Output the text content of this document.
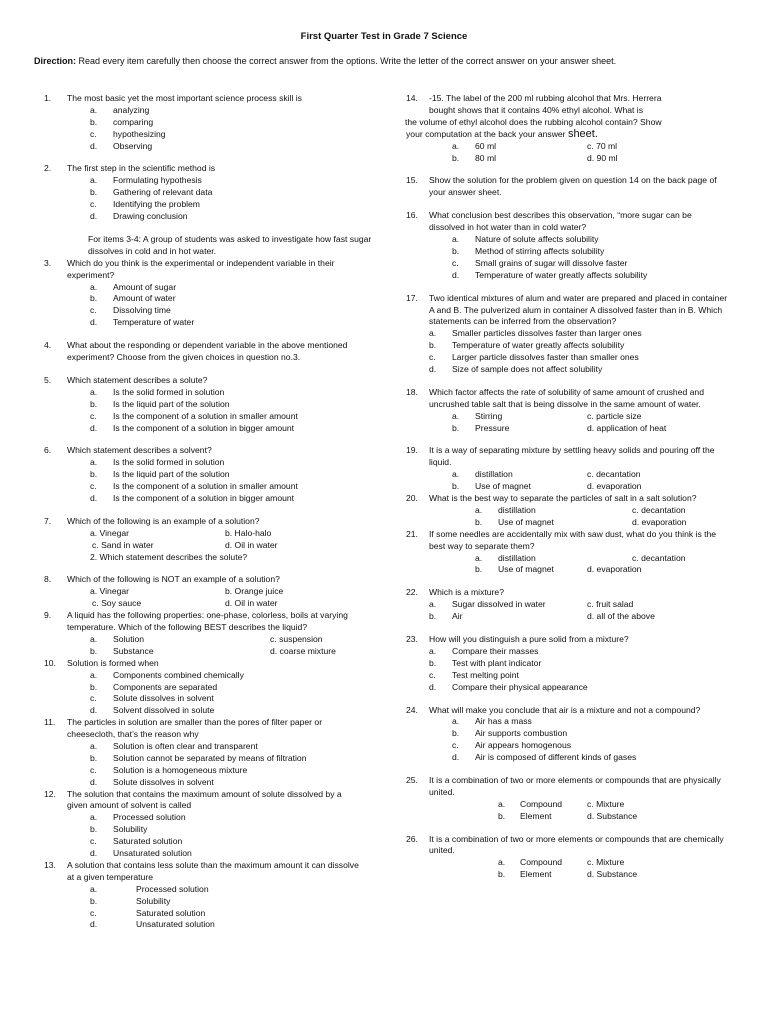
First Quarter Test in Grade 7 Science
Direction: Read every item carefully then choose the correct answer from the options. Write the letter of the correct answer on your answer sheet.
1.	The most basic yet the most important science process skill is
a. analyzing
b. comparing
c. hypothesizing
d. Observing
2.	The first step in the scientific method is
a. Formulating hypothesis
b. Gathering of relevant data
c. Identifying the problem
d. Drawing conclusion
For items 3-4: A group of students was asked to investigate how fast sugar dissolves in cold and in hot water.
3.	Which do you think is the experimental or independent variable in their experiment?
a. Amount of sugar
b. Amount of water
c. Dissolving time
d. Temperature of water
4.	What about the responding or dependent variable in the above mentioned experiment? Choose from the given choices in question no.3.
5.	Which statement describes a solute?
a. Is the solid formed in solution
b. Is the liquid part of the solution
c. Is the component of a solution in smaller amount
d. Is the component of a solution in bigger amount
6.	Which statement describes a solvent?
a. Is the solid formed in solution
b. Is the liquid part of the solution
c. Is the component of a solution in smaller amount
d. Is the component of a solution in bigger amount
7.	Which of the following is an example of a solution?
a. Vinegar	b. Halo-halo
c. Sand in water	d. Oil in water
2. Which statement describes the solute?
8.	Which of the following is NOT an example of a solution?
a. Vinegar	b. Orange juice
c. Soy sauce	d. Oil in water
9.	A liquid has the following properties: one-phase, colorless, boils at varying temperature. Which of the following BEST describes the liquid?
a. Solution	c. suspension
b. Substance	d. coarse mixture
10.	Solution is formed when
a. Components combined chemically
b. Components are separated
c. Solute dissolves in solvent
d. Solvent dissolved in solute
11.	The particles in solution are smaller than the pores of filter paper or cheesecloth, that’s the reason why
a. Solution is often clear and transparent
b. Solution cannot be separated by means of filtration
c. Solution is a homogeneous mixture
d. Solute dissolves in solvent
12.	The solution that contains the maximum amount of solute dissolved by a given amount of solvent is called
a. Processed solution
b. Solubility
c. Saturated solution
d. Unsaturated solution
13.	A solution that contains less solute than the maximum amount it can dissolve at a given temperature
a.	Processed solution
b.	Solubility
c.	Saturated solution
d.	Unsaturated solution
14.	-15. The label of the 200 ml rubbing alcohol that Mrs. Herrera
bought shows that it contains 40% ethyl alcohol. What is
the volume of ethyl alcohol does the rubbing alcohol contain? Show
your computation at the back your answer sheet.
a. 60 ml	c. 70 ml
b. 80 ml	d. 90 ml
15.	Show the solution for the problem given on question 14 on the back page of your answer sheet.
16.	What conclusion best describes this observation, “more sugar can be dissolved in hot water than in cold water?
a. Nature of solute affects solubility
b. Method of stirring affects solubility
c. Small grains of sugar will dissolve faster
d. Temperature of water greatly affects solubility
17.	Two identical mixtures of alum and water are prepared and placed in container A and B. The pulverized alum in container A dissolved faster than in B. Which statements can be inferred from the observation?
a. Smaller particles dissolves faster than larger ones
b. Temperature of water greatly affects solubility
c. Larger particle dissolves faster than smaller ones
d. Size of sample does not affect solubility
18.	Which factor affects the rate of solubility of same amount of crushed and uncrushed table salt that is being dissolve in the same amount of water.
a. Stirring	c. particle size
b. Pressure	d. application of heat
19.	It is a way of separating mixture by settling heavy solids and pouring off the liquid.
a. distillation	c. decantation
b. Use of magnet	d. evaporation
20.	What is the best way to separate the particles of salt in a salt solution?
a. distillation	c. decantation
b. Use of magnet	d. evaporation
21.	If some needles are accidentally mix with saw dust, what do you think is the best way to separate them?
a. distillation	c. decantation
b. Use of magnet	d. evaporation
22.	Which is a mixture?
a. Sugar dissolved in water	c. fruit salad
b. Air	d. all of the above
23.	How will you distinguish a pure solid from a mixture?
a. Compare their masses
b. Test with plant indicator
c. Test melting point
d. Compare their physical appearance
24.	What will make you conclude that air is a mixture and not a compound?
a. Air has a mass
b. Air supports combustion
c. Air appears homogenous
d. Air is composed of different kinds of gases
25.	It is a combination of two or more elements or compounds that are physically united.
a. Compound	c. Mixture
b. Element	d. Substance
26.	It is a combination of two or more elements or compounds that are chemically united.
a. Compound	c. Mixture
b. Element	d. Substance
